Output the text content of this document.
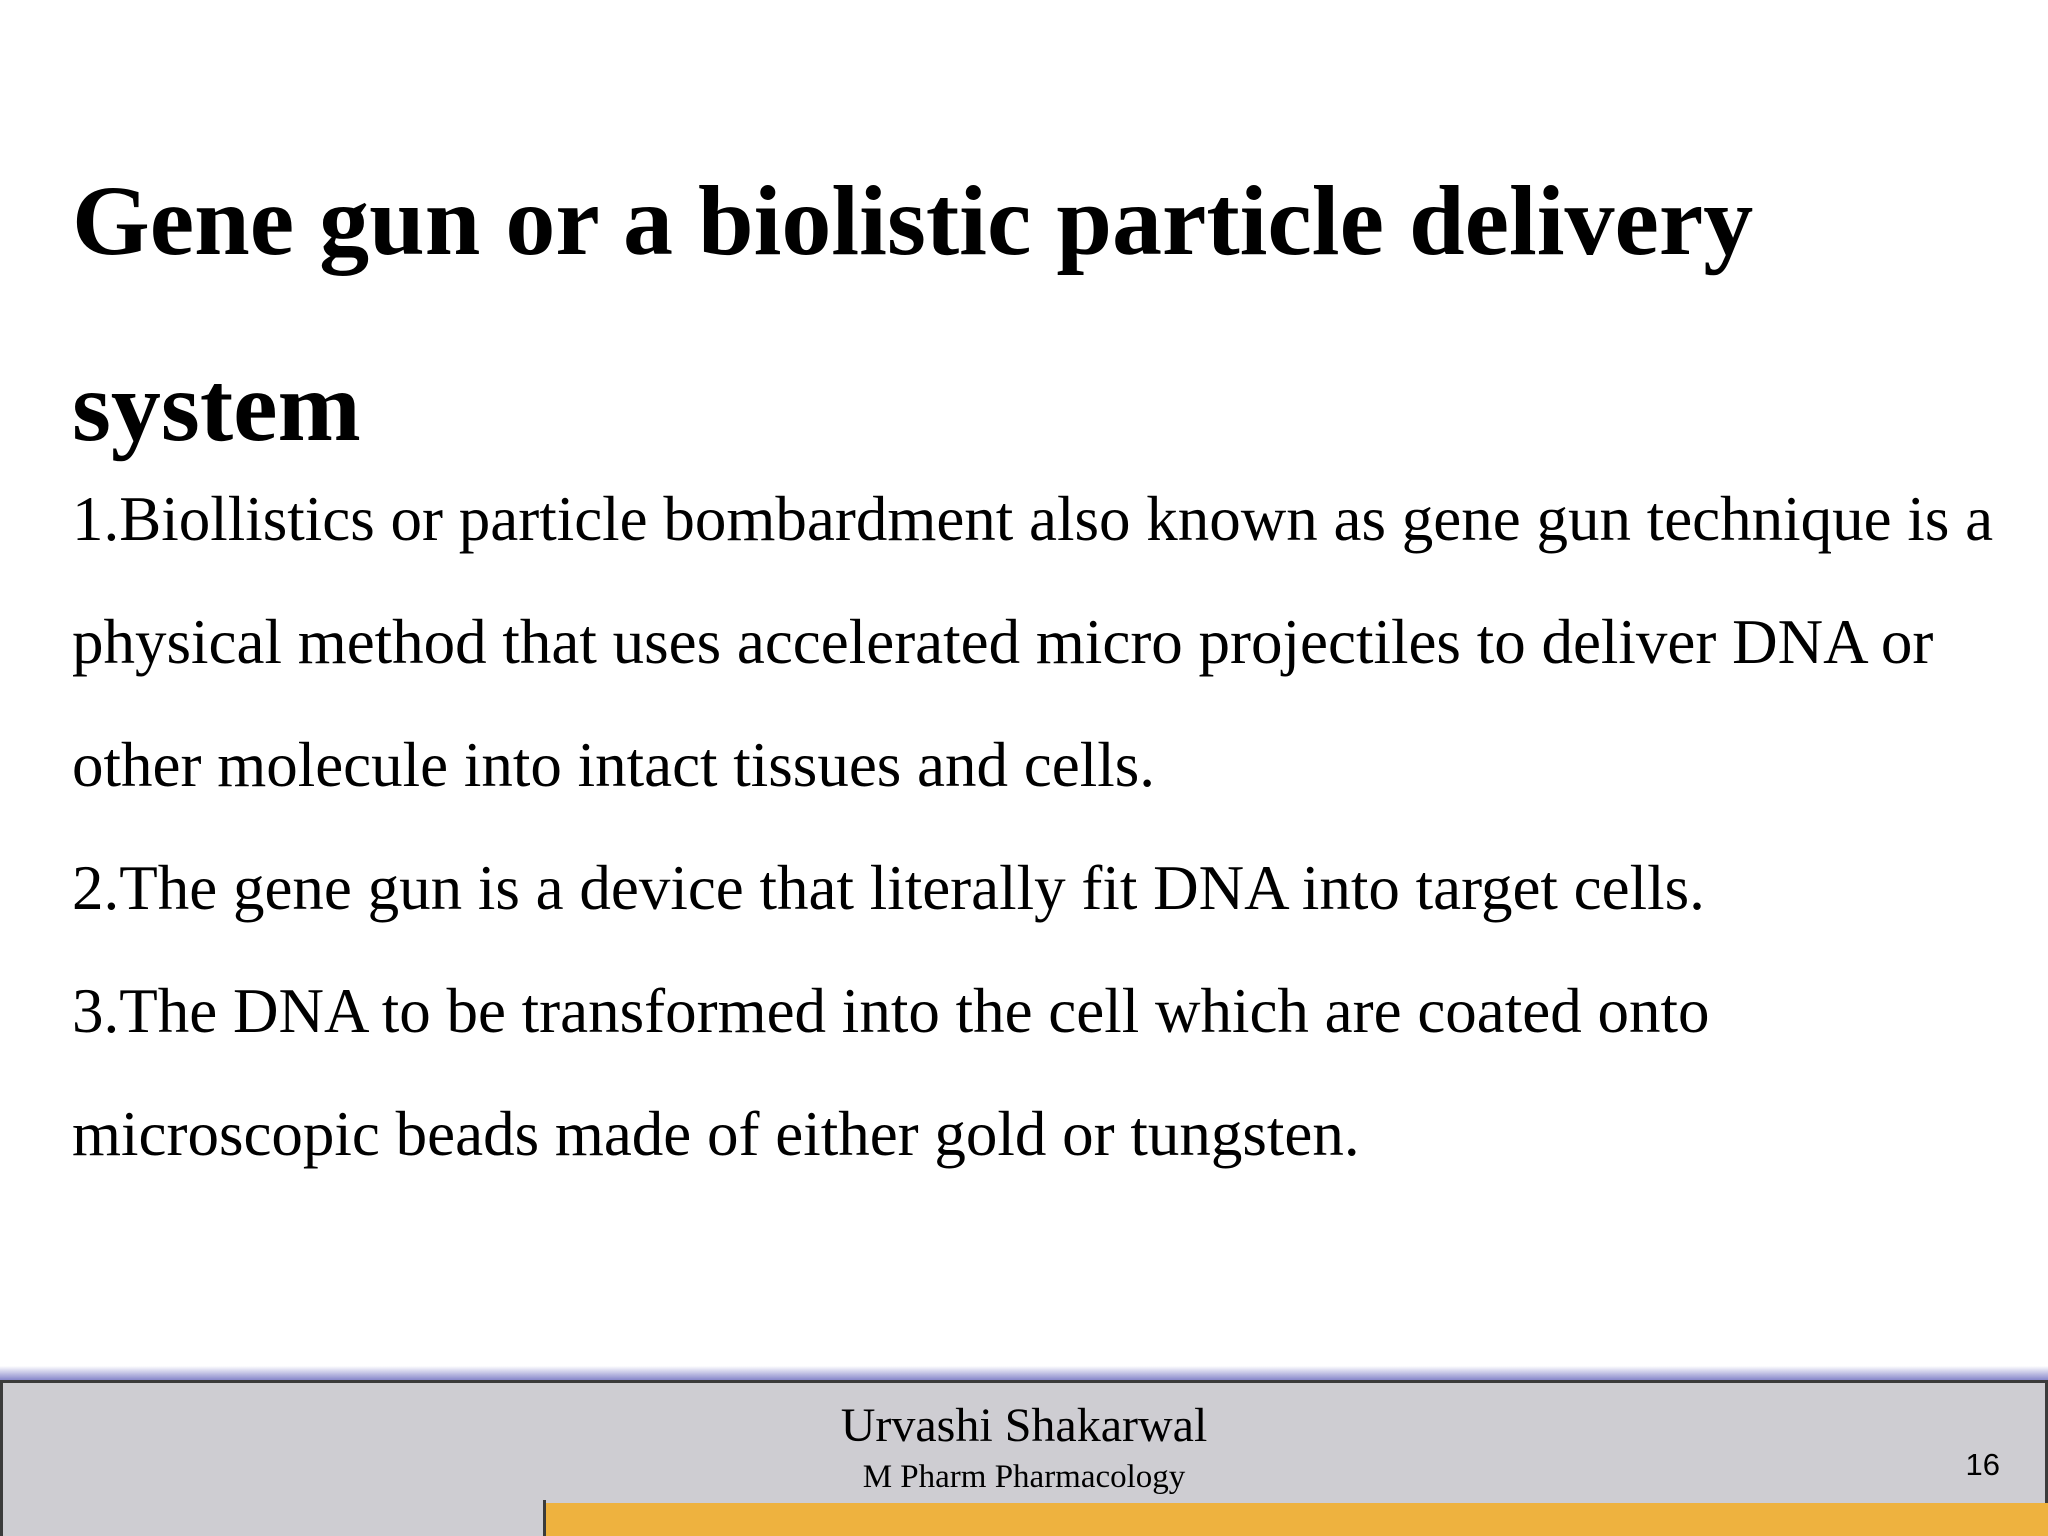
Gene gun or a biolistic particle delivery system
1.Biollistics or particle bombardment also known as gene gun technique is a physical method that uses accelerated micro projectiles to deliver DNA or other molecule into intact tissues and cells.
2.The gene gun is a device that literally fit DNA into target cells.
3.The DNA to be transformed into the cell which are coated onto microscopic beads made of either gold or tungsten.
Urvashi Shakarwal
M Pharm Pharmacology	16
